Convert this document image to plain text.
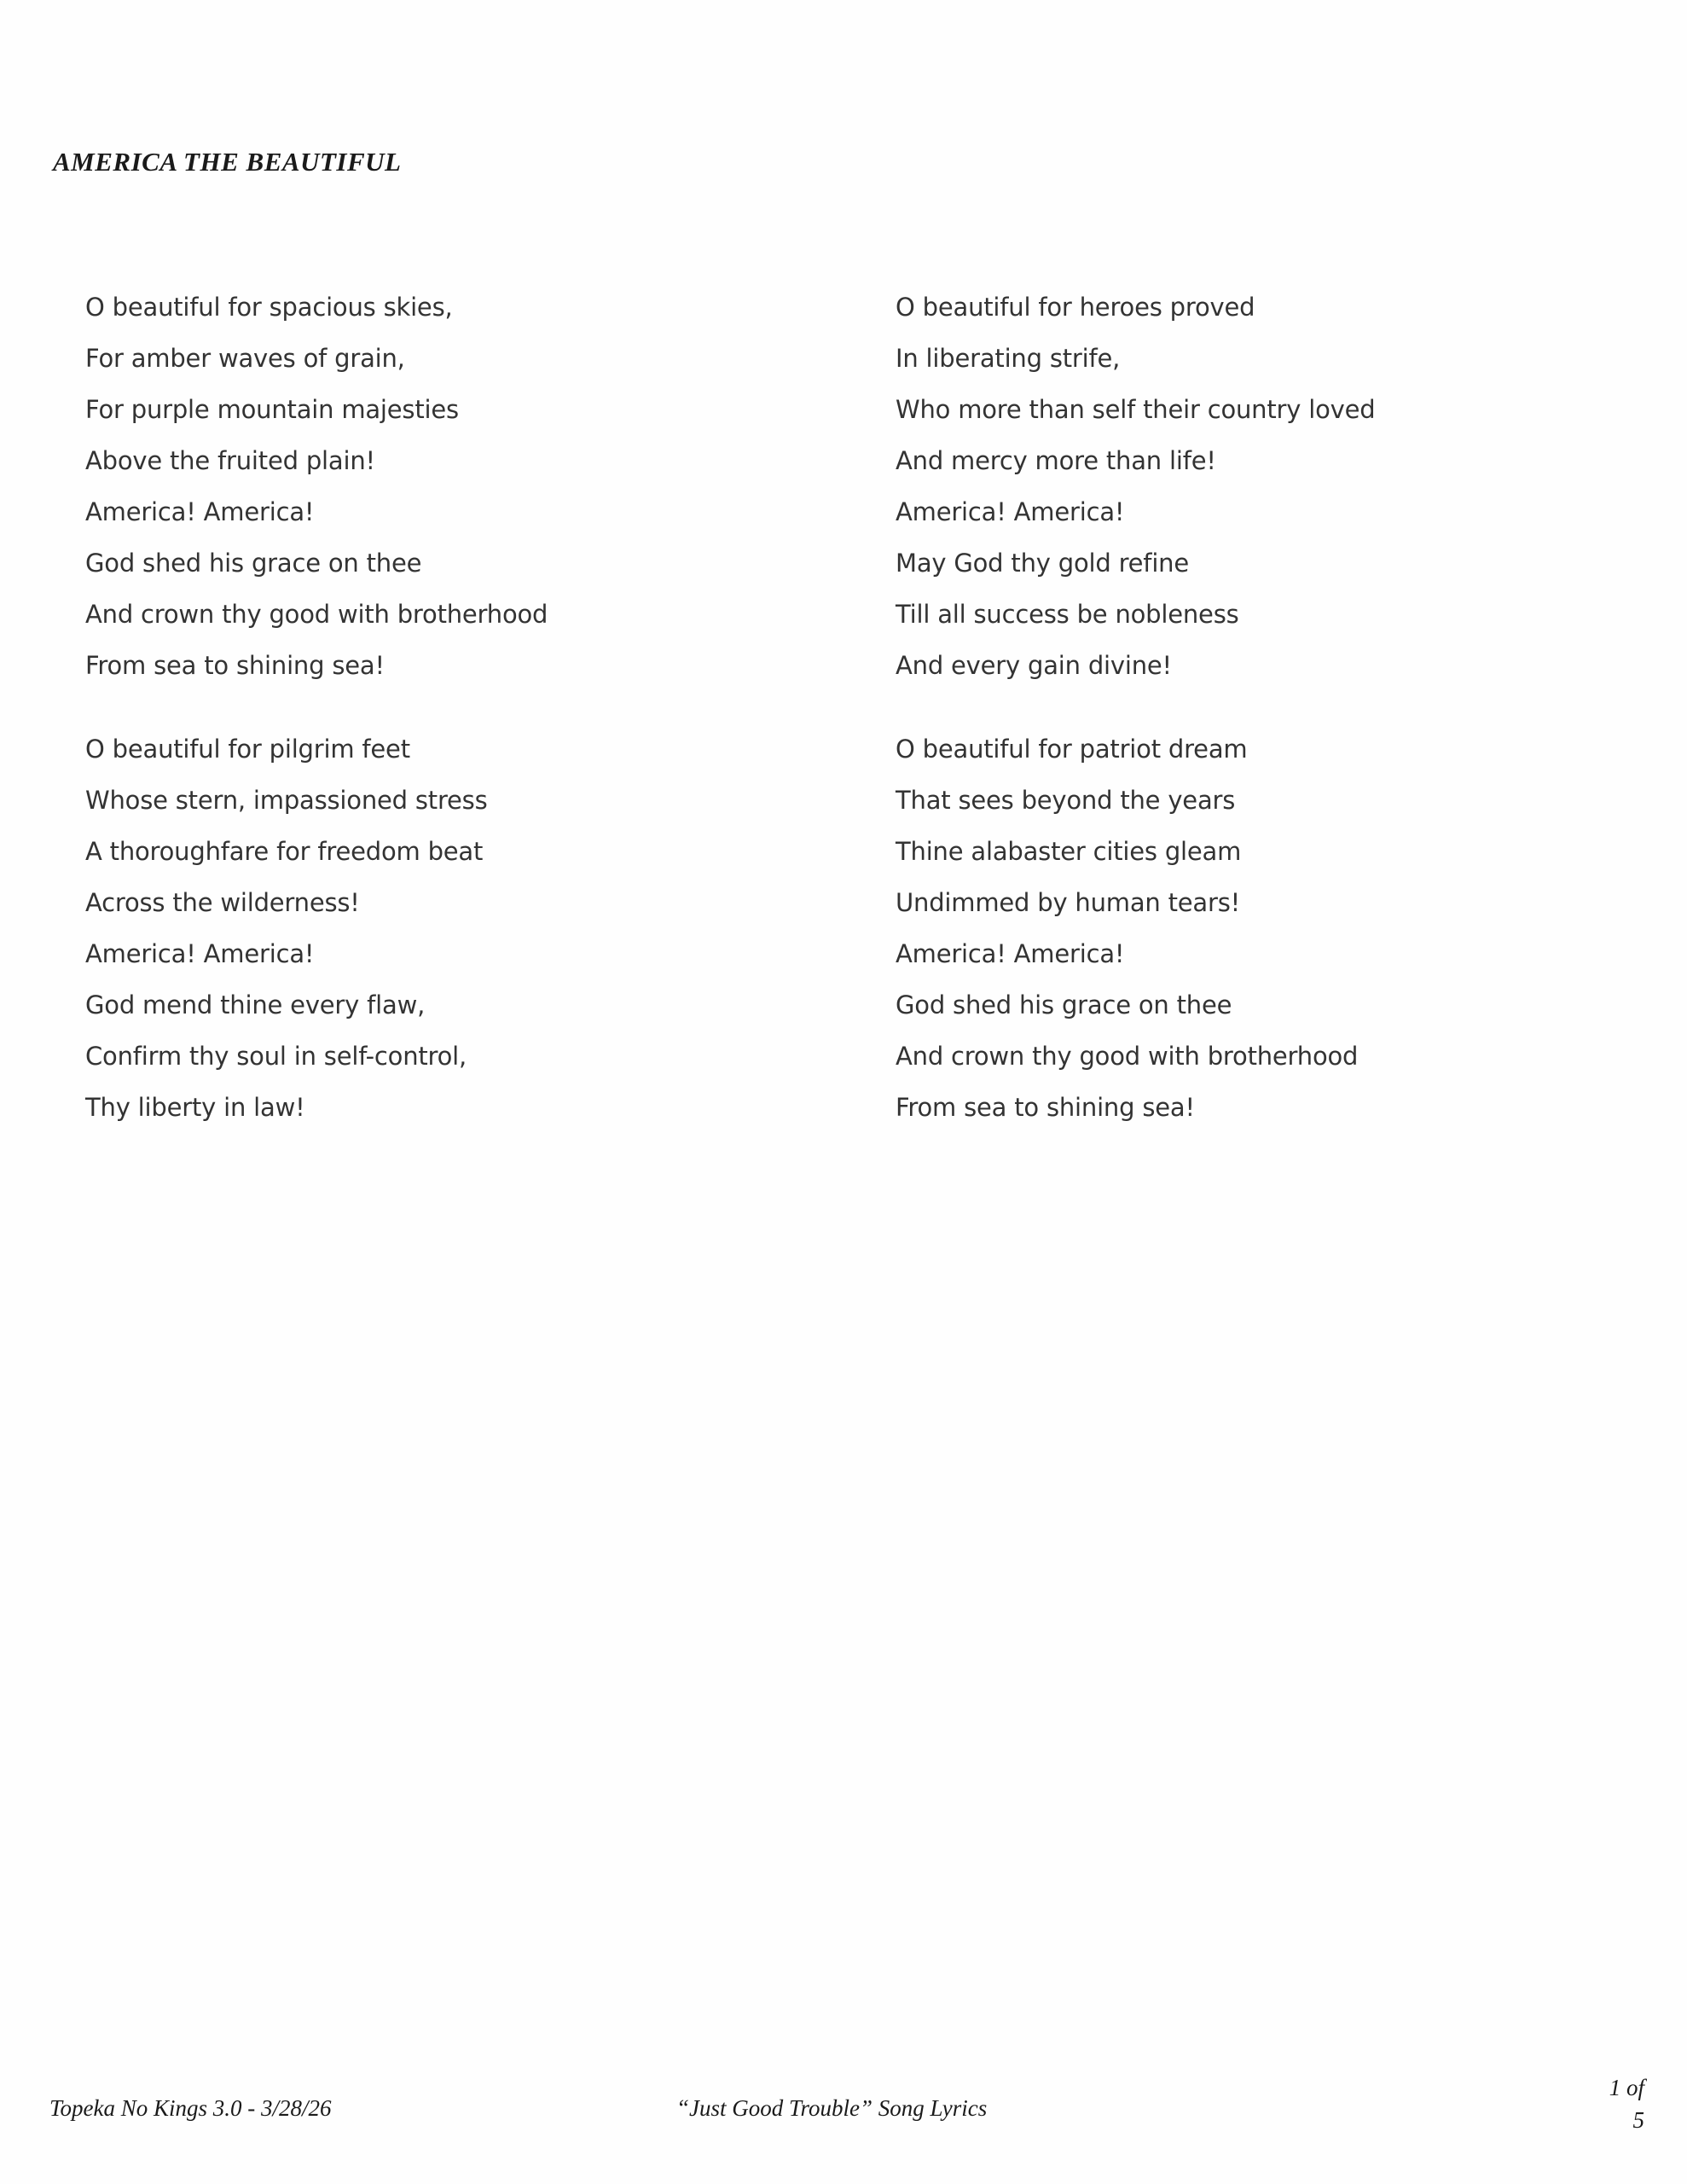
AMERICA THE BEAUTIFUL
O beautiful for spacious skies,
For amber waves of grain,
For purple mountain majesties
Above the fruited plain!
America! America!
God shed his grace on thee
And crown thy good with brotherhood
From sea to shining sea!
O beautiful for pilgrim feet
Whose stern, impassioned stress
A thoroughfare for freedom beat
Across the wilderness!
America! America!
God mend thine every flaw,
Confirm thy soul in self-control,
Thy liberty in law!
O beautiful for heroes proved
In liberating strife,
Who more than self their country loved
And mercy more than life!
America! America!
May God thy gold refine
Till all success be nobleness
And every gain divine!
O beautiful for patriot dream
That sees beyond the years
Thine alabaster cities gleam
Undimmed by human tears!
America! America!
God shed his grace on thee
And crown thy good with brotherhood
From sea to shining sea!
Topeka No Kings 3.0 - 3/28/26	“Just Good Trouble” Song Lyrics
1 of
5
